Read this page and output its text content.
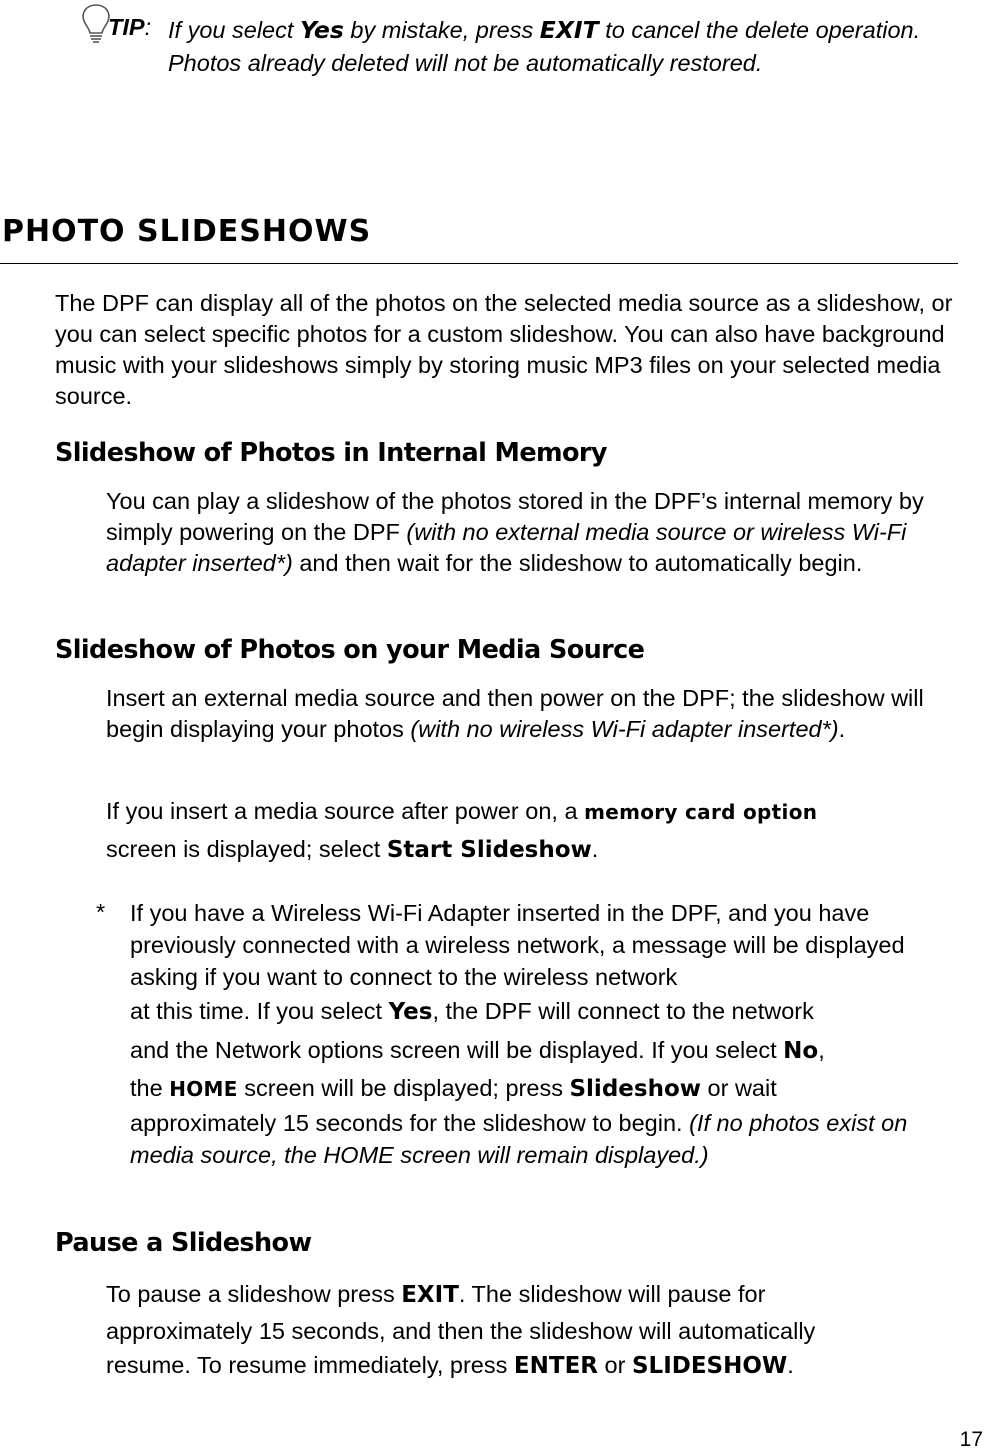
TIP: If you select Yes by mistake, press EXIT to cancel the delete operation. Photos already deleted will not be automatically restored.
PHOTO SLIDESHOWS
The DPF can display all of the photos on the selected media source as a slideshow, or you can select specific photos for a custom slideshow. You can also have background music with your slideshows simply by storing music MP3 files on your selected media source.
Slideshow of Photos in Internal Memory
You can play a slideshow of the photos stored in the DPF’s internal memory by simply powering on the DPF (with no external media source or wireless Wi-Fi adapter inserted*) and then wait for the slideshow to automatically begin.
Slideshow of Photos on your Media Source
Insert an external media source and then power on the DPF; the slideshow will begin displaying your photos (with no wireless Wi-Fi adapter inserted*).
If you insert a media source after power on, a memory card option
screen is displayed; select Start Slideshow.
* If you have a Wireless Wi-Fi Adapter inserted in the DPF, and you have previously connected with a wireless network, a message will be displayed asking if you want to connect to the wireless network
at this time. If you select Yes, the DPF will connect to the network
and the Network options screen will be displayed. If you select No,
the HOME screen will be displayed; press Slideshow or wait
approximately 15 seconds for the slideshow to begin. (If no photos exist on media source, the HOME screen will remain displayed.)
Pause a Slideshow
To pause a slideshow press EXIT. The slideshow will pause for
approximately 15 seconds, and then the slideshow will automatically
resume. To resume immediately, press ENTER or SLIDESHOW.
17
